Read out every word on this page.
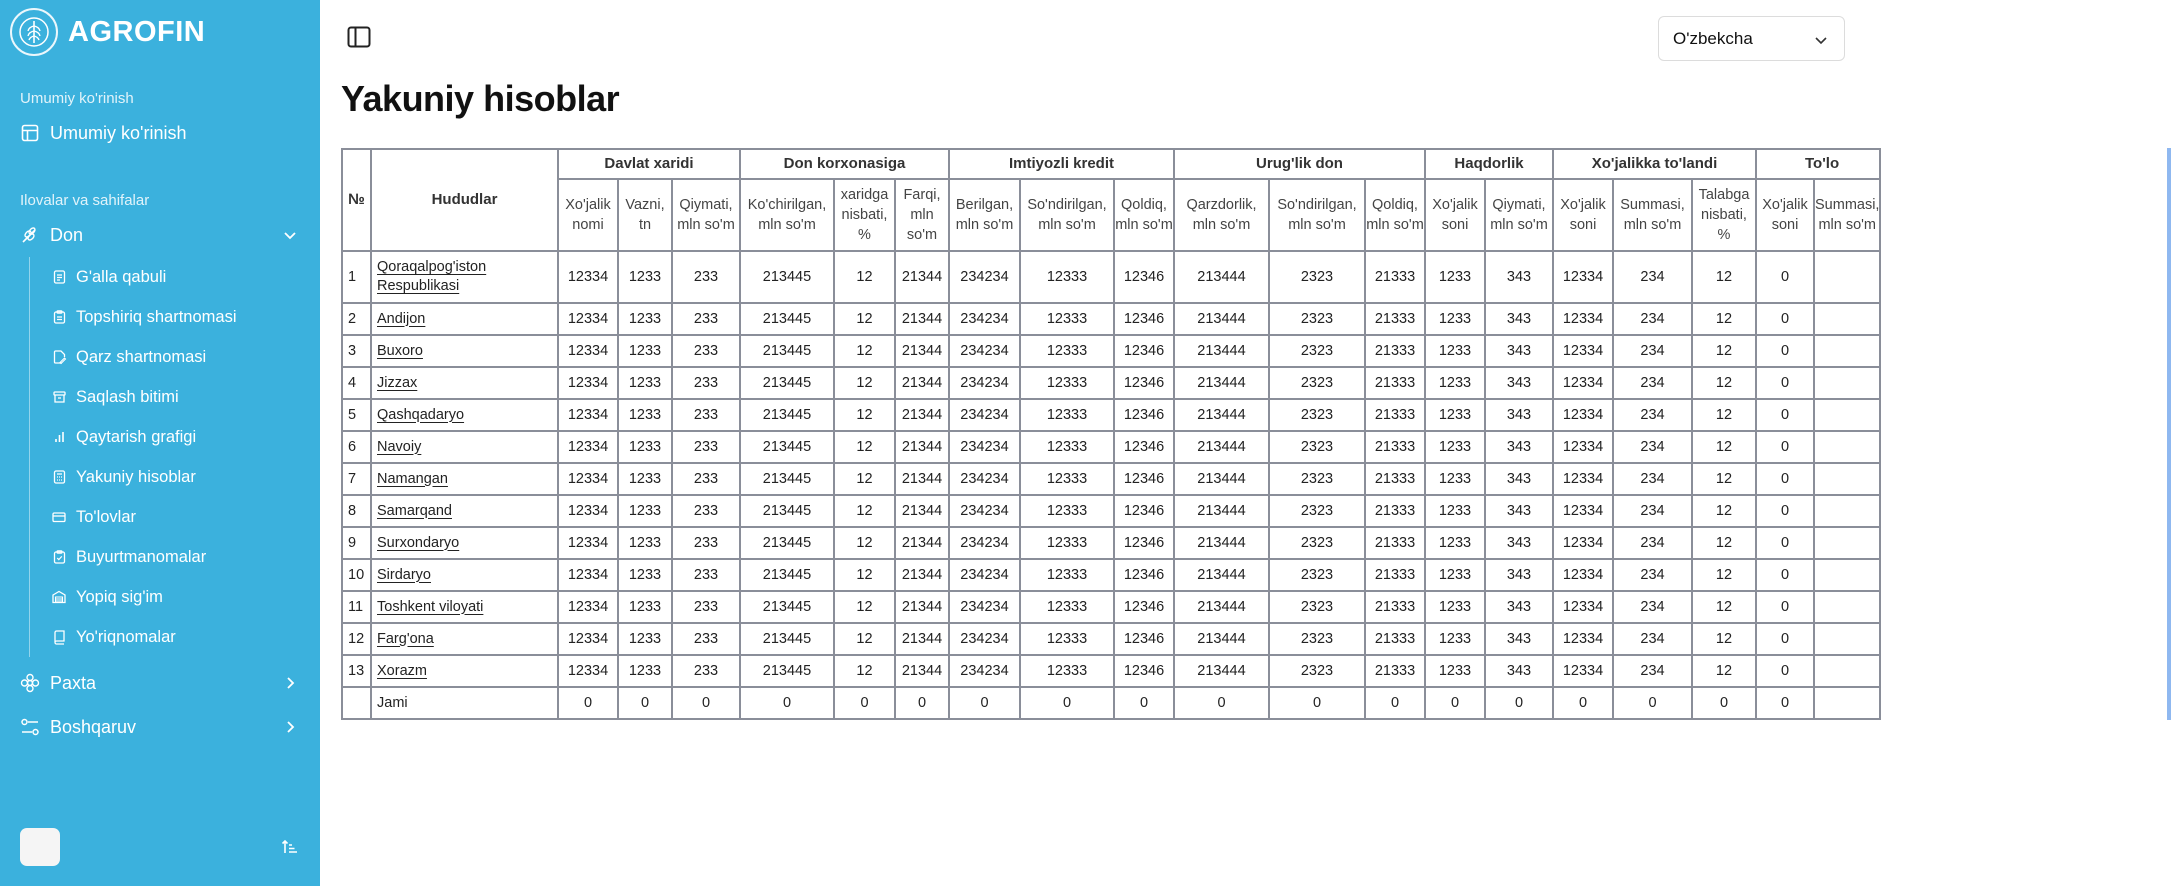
AGROFIN
Umumiy ko'rinish
Umumiy ko'rinish
Ilovalar va sahifalar
Don
G'alla qabuli
Topshiriq shartnomasi
Qarz shartnomasi
Saqlash bitimi
Qaytarish grafigi
Yakuniy hisoblar
To'lovlar
Buyurtmanomalar
Yopiq sig'im
Yo'riqnomalar
Paxta
Boshqaruv
O'zbekcha
Yakuniy hisoblar
№	Hududlar	Davlat xaridi			Don korxonasiga			Imtiyozli kredit			Urug'lik don			Haqdorlik		Xo'jalikka to'landi			To'lo	
		Xo'jalik nomi	Vazni, tn	Qiymati, mln so'm	Ko'chirilgan, mln so'm	xaridga nisbati, %	Farqi, mln so'm	Berilgan, mln so'm	So'ndirilgan, mln so'm	Qoldiq, mln so'm	Qarzdorlik, mln so'm	So'ndirilgan, mln so'm	Qoldiq, mln so'm	Xo'jalik soni	Qiymati, mln so'm	Xo'jalik soni	Summasi, mln so'm	Talabga nisbati, %	Xo'jalik soni	Summasi, mln so'm
1	Qoraqalpog'iston Respublikasi	12334	1233	233	213445	12	21344	234234	12333	12346	213444	2323	21333	1233	343	12334	234	12	0	
2	Andijon	12334	1233	233	213445	12	21344	234234	12333	12346	213444	2323	21333	1233	343	12334	234	12	0	
3	Buxoro	12334	1233	233	213445	12	21344	234234	12333	12346	213444	2323	21333	1233	343	12334	234	12	0	
4	Jizzax	12334	1233	233	213445	12	21344	234234	12333	12346	213444	2323	21333	1233	343	12334	234	12	0	
5	Qashqadaryo	12334	1233	233	213445	12	21344	234234	12333	12346	213444	2323	21333	1233	343	12334	234	12	0	
6	Navoiy	12334	1233	233	213445	12	21344	234234	12333	12346	213444	2323	21333	1233	343	12334	234	12	0	
7	Namangan	12334	1233	233	213445	12	21344	234234	12333	12346	213444	2323	21333	1233	343	12334	234	12	0	
8	Samarqand	12334	1233	233	213445	12	21344	234234	12333	12346	213444	2323	21333	1233	343	12334	234	12	0	
9	Surxondaryo	12334	1233	233	213445	12	21344	234234	12333	12346	213444	2323	21333	1233	343	12334	234	12	0	
10	Sirdaryo	12334	1233	233	213445	12	21344	234234	12333	12346	213444	2323	21333	1233	343	12334	234	12	0	
11	Toshkent viloyati	12334	1233	233	213445	12	21344	234234	12333	12346	213444	2323	21333	1233	343	12334	234	12	0	
12	Farg'ona	12334	1233	233	213445	12	21344	234234	12333	12346	213444	2323	21333	1233	343	12334	234	12	0	
13	Xorazm	12334	1233	233	213445	12	21344	234234	12333	12346	213444	2323	21333	1233	343	12334	234	12	0	
	Jami	0	0	0	0	0	0	0	0	0	0	0	0	0	0	0	0	0	0	
